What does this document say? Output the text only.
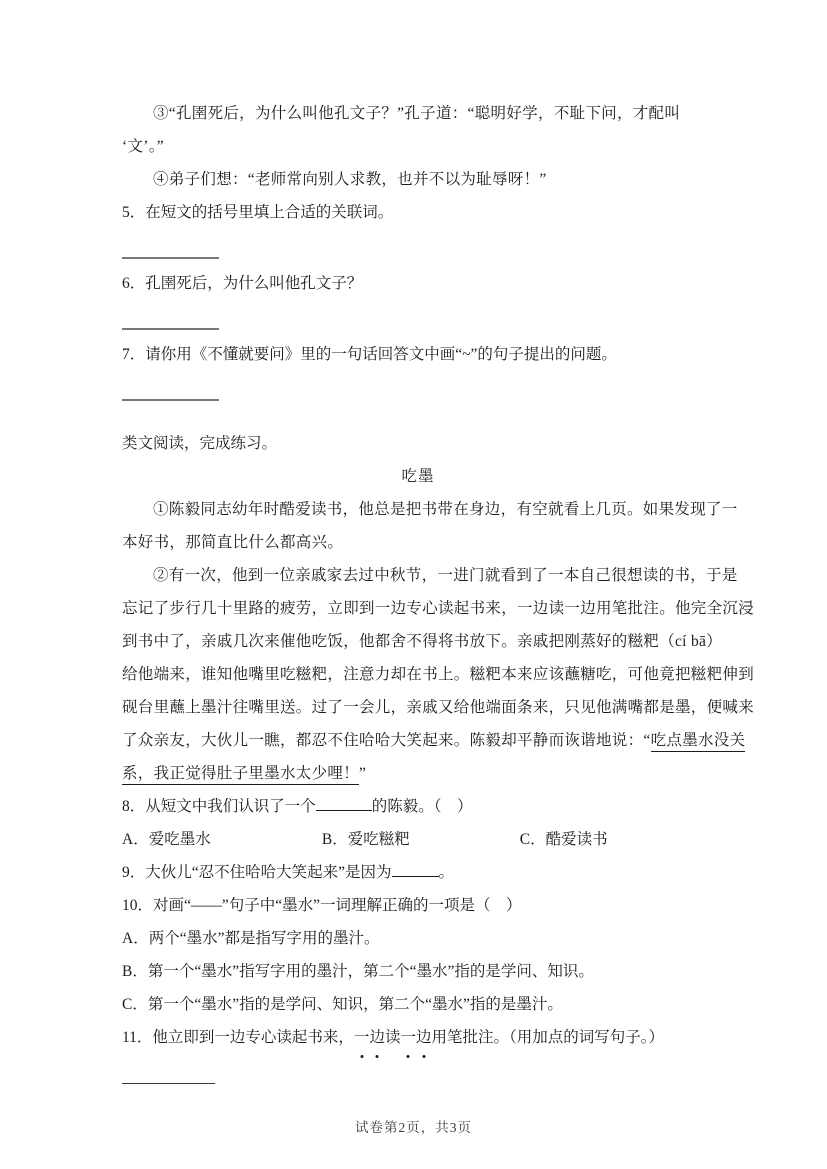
③“孔圉死后，为什么叫他孔文子？”孔子道：“聪明好学，不耻下问，才配叫
‘文’。”
④弟子们想：“老师常向别人求教，也并不以为耻辱呀！”
5．在短文的括号里填上合适的关联词。
6．孔圉死后，为什么叫他孔文子？
7．请你用《不懂就要问》里的一句话回答文中画“~”的句子提出的问题。
类文阅读，完成练习。
吃墨
①陈毅同志幼年时酷爱读书，他总是把书带在身边，有空就看上几页。如果发现了一
本好书，那简直比什么都高兴。
②有一次，他到一位亲戚家去过中秋节，一进门就看到了一本自己很想读的书，于是
忘记了步行几十里路的疲劳，立即到一边专心读起书来，一边读一边用笔批注。他完全沉浸
到书中了，亲戚几次来催他吃饭，他都舍不得将书放下。亲戚把刚蒸好的糍粑（cí bā）
给他端来，谁知他嘴里吃糍粑，注意力却在书上。糍粑本来应该蘸糖吃，可他竟把糍粑伸到
砚台里蘸上墨汁往嘴里送。过了一会儿，亲戚又给他端面条来，只见他满嘴都是墨，便喊来
了众亲友，大伙儿一瞧，都忍不住哈哈大笑起来。陈毅却平静而诙谐地说：“吃点墨水没关
系，我正觉得肚子里墨水太少哩！”
8．从短文中我们认识了一个	的陈毅。（　）
A．爱吃墨水	B．爱吃糍粑	C．酷爱读书
9．大伙儿“忍不住哈哈大笑起来”是因为	。
10．对画“——”句子中“墨水”一词理解正确的一项是（　）
A．两个“墨水”都是指写字用的墨汁。
B．第一个“墨水”指写字用的墨汁，第二个“墨水”指的是学问、知识。
C．第一个“墨水”指的是学问、知识，第二个“墨水”指的是墨汁。
11．他立即到一边专心读起书来，一边读一边用笔批注。（用加点的词写句子。）
试卷第2页，共3页
